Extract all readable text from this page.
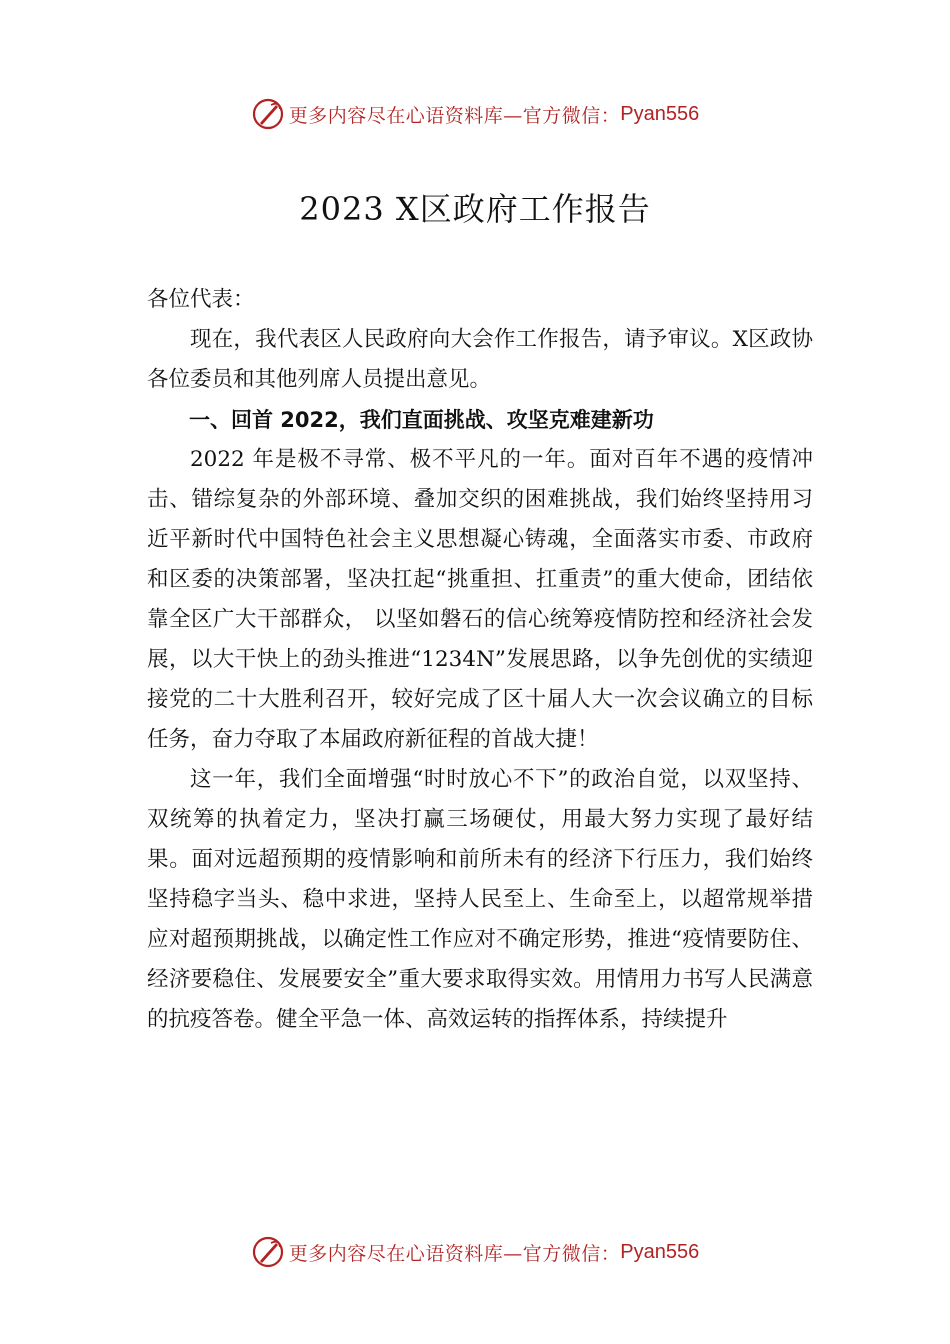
更多内容尽在心语资料库—官方微信： Pyan556
2023 X区政府工作报告

各位代表：

现在，我代表区人民政府向大会作工作报告，请予审议。X区政协各位委员和其他列席人员提出意见。

一、回首 2022，我们直面挑战、攻坚克难建新功

2022 年是极不寻常、极不平凡的一年。面对百年不遇的疫情冲击、错综复杂的外部环境、叠加交织的困难挑战，我们始终坚持用习近平新时代中国特色社会主义思想凝心铸魂，全面落实市委、市政府和区委的决策部署，坚决扛起“挑重担、扛重责”的重大使命，团结依靠全区广大干部群众， 以坚如磐石的信心统筹疫情防控和经济社会发展，以大干快上的劲头推进“1234N”发展思路，以争先创优的实绩迎接党的二十大胜利召开，较好完成了区十届人大一次会议确立的目标任务，奋力夺取了本届政府新征程的首战大捷！

这一年，我们全面增强“时时放心不下”的政治自觉，以双坚持、双统筹的执着定力，坚决打赢三场硬仗，用最大努力实现了最好结果。面对远超预期的疫情影响和前所未有的经济下行压力，我们始终坚持稳字当头、稳中求进，坚持人民至上、生命至上，以超常规举措应对超预期挑战，以确定性工作应对不确定形势，推进“疫情要防住、经济要稳住、发展要安全”重大要求取得实效。用情用力书写人民满意的抗疫答卷。健全平急一体、高效运转的指挥体系，持续提升

更多内容尽在心语资料库—官方微信： Pyan556
